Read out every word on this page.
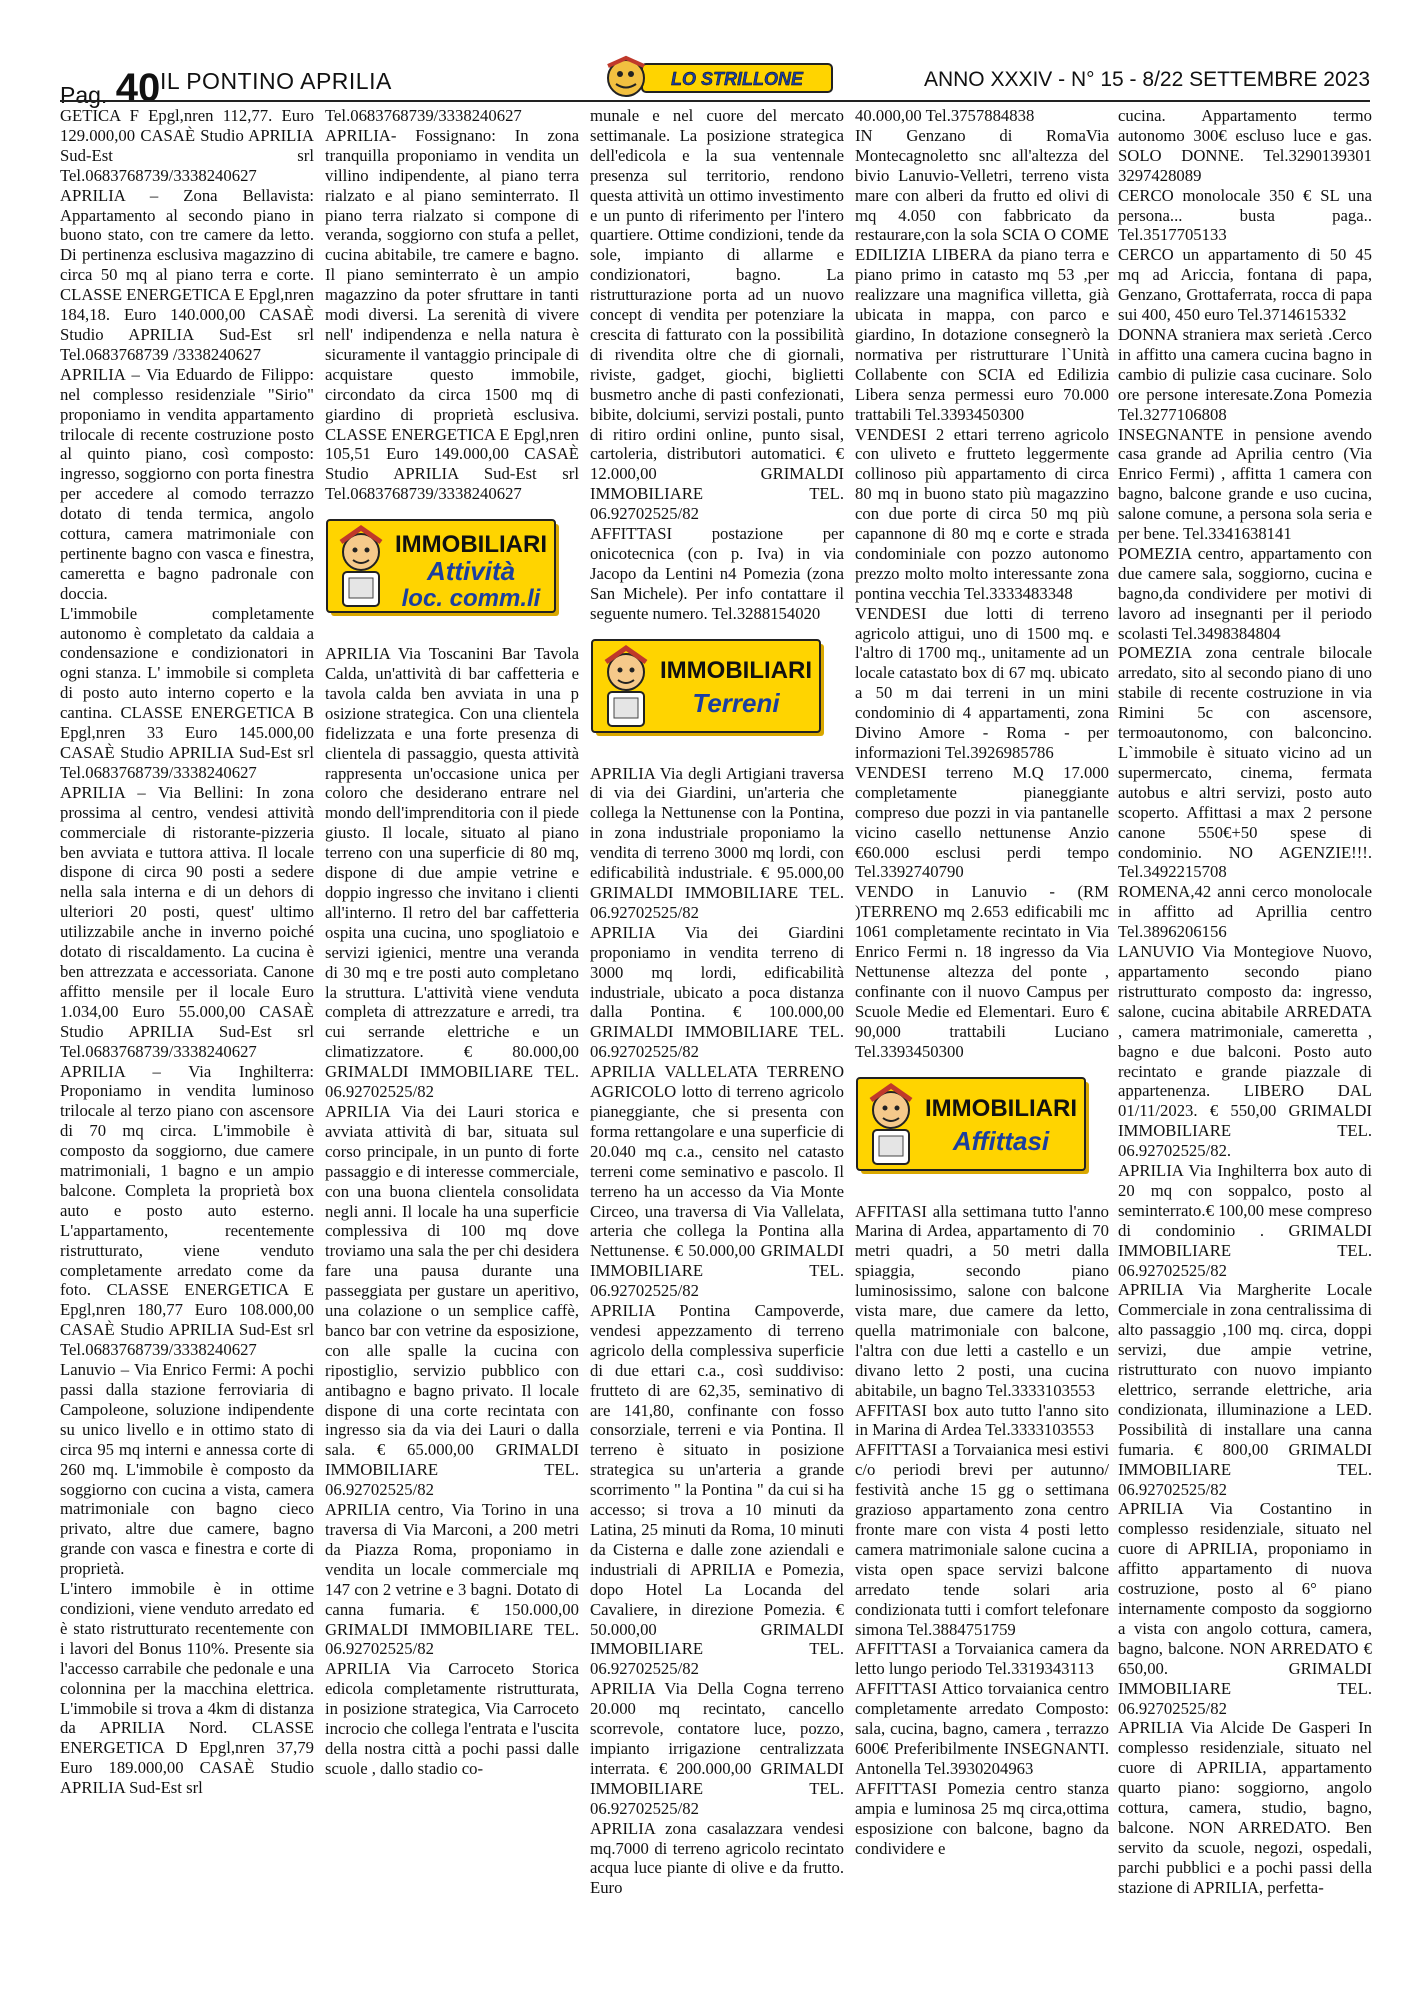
Pag. 40 IL PONTINO APRILIA	LO STRILLONE	ANNO XXXIV - N° 15 - 8/22 SETTEMBRE 2023

GETICA F Epgl,nren 112,77. Euro 129.000,00 CASAÈ Studio APRILIA Sud-Est srl Tel.0683768739/3338240627

APRILIA – Zona Bellavista: Appartamento al secondo piano in buono stato, con tre camere da letto. Di pertinenza esclusiva magazzino di circa 50 mq al piano terra e corte. CLASSE ENERGETICA E Epgl,nren 184,18. Euro 140.000,00 CASAÈ Studio APRILIA Sud-Est srl Tel.0683768739 /3338240627

APRILIA – Via Eduardo de Filippo: nel complesso residenziale "Sirio" proponiamo in vendita appartamento trilocale di recente costruzione posto al quinto piano, così composto: ingresso, soggiorno con porta finestra per accedere al comodo terrazzo dotato di tenda termica, angolo cottura, camera matrimoniale con pertinente bagno con vasca e finestra, cameretta e bagno padronale con doccia.

L'immobile completamente autonomo è completato da caldaia a condensazione e condizionatori in ogni stanza. L' immobile si completa di posto auto interno coperto e la cantina. CLASSE ENERGETICA B Epgl,nren 33 Euro 145.000,00 CASAÈ Studio APRILIA Sud-Est srl Tel.0683768739/3338240627

APRILIA – Via Bellini: In zona prossima al centro, vendesi attività commerciale di ristorante-pizzeria ben avviata e tuttora attiva. Il locale dispone di circa 90 posti a sedere nella sala interna e di un dehors di ulteriori 20 posti, quest' ultimo utilizzabile anche in inverno poiché dotato di riscaldamento. La cucina è ben attrezzata e accessoriata. Canone affitto mensile per il locale Euro 1.034,00 Euro 55.000,00 CASAÈ Studio APRILIA Sud-Est srl Tel.0683768739/3338240627

APRILIA – Via Inghilterra: Proponiamo in vendita luminoso trilocale al terzo piano con ascensore di 70 mq circa. L'immobile è composto da soggiorno, due camere matrimoniali, 1 bagno e un ampio balcone. Completa la proprietà box auto e posto auto esterno. L'appartamento, recentemente ristrutturato, viene venduto completamente arredato come da foto. CLASSE ENERGETICA E Epgl,nren 180,77 Euro 108.000,00 CASAÈ Studio APRILIA Sud-Est srl Tel.0683768739/3338240627

Lanuvio – Via Enrico Fermi: A pochi passi dalla stazione ferroviaria di Campoleone, soluzione indipendente su unico livello e in ottimo stato di circa 95 mq interni e annessa corte di 260 mq. L'immobile è composto da soggiorno con cucina a vista, camera matrimoniale con bagno cieco privato, altre due camere, bagno grande con vasca e finestra e corte di proprietà.

L'intero immobile è in ottime condizioni, viene venduto arredato ed è stato ristrutturato recentemente con i lavori del Bonus 110%. Presente sia l'accesso carrabile che pedonale e una colonnina per la macchina elettrica. L'immobile si trova a 4km di distanza da APRILIA Nord. CLASSE ENERGETICA D Epgl,nren 37,79 Euro 189.000,00 CASAÈ Studio APRILIA Sud-Est srl

Tel.0683768739/3338240627

APRILIA- Fossignano: In zona tranquilla proponiamo in vendita un villino indipendente, al piano terra rialzato e al piano seminterrato. Il piano terra rialzato si compone di veranda, soggiorno con stufa a pellet, cucina abitabile, tre camere e bagno. Il piano seminterrato è un ampio magazzino da poter sfruttare in tanti modi diversi. La serenità di vivere nell' indipendenza e nella natura è sicuramente il vantaggio principale di acquistare questo immobile, circondato da circa 1500 mq di giardino di proprietà esclusiva. CLASSE ENERGETICA E Epgl,nren 105,51 Euro 149.000,00 CASAÈ Studio APRILIA Sud-Est srl Tel.0683768739/3338240627

IMMOBILIARI
Attività
loc. comm.li

APRILIA Via Toscanini Bar Tavola Calda, un'attività di bar caffetteria e tavola calda ben avviata in una p osizione strategica. Con una clientela fidelizzata e una forte presenza di clientela di passaggio, questa attività rappresenta un'occasione unica per coloro che desiderano entrare nel mondo dell'imprenditoria con il piede giusto. Il locale, situato al piano terreno con una superficie di 80 mq, dispone di due ampie vetrine e doppio ingresso che invitano i clienti all'interno. Il retro del bar caffetteria ospita una cucina, uno spogliatoio e servizi igienici, mentre una veranda di 30 mq e tre posti auto completano la struttura. L'attività viene venduta completa di attrezzature e arredi, tra cui serrande elettriche e un climatizzatore. € 80.000,00 GRIMALDI IMMOBILIARE TEL. 06.92702525/82

APRILIA Via dei Lauri storica e avviata attività di bar, situata sul corso principale, in un punto di forte passaggio e di interesse commerciale, con una buona clientela consolidata negli anni. Il locale ha una superficie complessiva di 100 mq dove troviamo una sala the per chi desidera fare una pausa durante una passeggiata per gustare un aperitivo, una colazione o un semplice caffè, banco bar con vetrine da esposizione, con alle spalle la cucina con ripostiglio, servizio pubblico con antibagno e bagno privato. Il locale dispone di una corte recintata con ingresso sia da via dei Lauri o dalla sala. € 65.000,00 GRIMALDI IMMOBILIARE TEL. 06.92702525/82

APRILIA centro, Via Torino in una traversa di Via Marconi, a 200 metri da Piazza Roma, proponiamo in vendita un locale commerciale mq 147 con 2 vetrine e 3 bagni. Dotato di canna fumaria. € 150.000,00 GRIMALDI IMMOBILIARE TEL. 06.92702525/82

APRILIA Via Carroceto Storica edicola completamente ristrutturata, in posizione strategica, Via Carroceto incrocio che collega l'entrata e l'uscita della nostra città a pochi passi dalle scuole , dallo stadio co-

munale e nel cuore del mercato settimanale. La posizione strategica dell'edicola e la sua ventennale presenza sul territorio, rendono questa attività un ottimo investimento e un punto di riferimento per l'intero quartiere. Ottime condizioni, tende da sole, impianto di allarme e condizionatori, bagno. La ristrutturazione porta ad un nuovo concept di vendita per potenziare la crescita di fatturato con la possibilità di rivendita oltre che di giornali, riviste, gadget, giochi, biglietti busmetro anche di pasti confezionati, bibite, dolciumi, servizi postali, punto di ritiro ordini online, punto sisal, cartoleria, distributori automatici. € 12.000,00 GRIMALDI IMMOBILIARE TEL. 06.92702525/82

AFFITTASI postazione per onicotecnica (con p. Iva) in via Jacopo da Lentini n4 Pomezia (zona San Michele). Per info contattare il seguente numero. Tel.3288154020

IMMOBILIARI
Terreni

APRILIA Via degli Artigiani traversa di via dei Giardini, un'arteria che collega la Nettunense con la Pontina, in zona industriale proponiamo la vendita di terreno 3000 mq lordi, con edificabilità industriale. € 95.000,00 GRIMALDI IMMOBILIARE TEL. 06.92702525/82

APRILIA Via dei Giardini proponiamo in vendita terreno di 3000 mq lordi, edificabilità industriale, ubicato a poca distanza dalla Pontina. € 100.000,00 GRIMALDI IMMOBILIARE TEL. 06.92702525/82

APRILIA VALLELATA TERRENO AGRICOLO lotto di terreno agricolo pianeggiante, che si presenta con forma rettangolare e una superficie di 20.040 mq c.a., censito nel catasto terreni come seminativo e pascolo. Il terreno ha un accesso da Via Monte Circeo, una traversa di Via Vallelata, arteria che collega la Pontina alla Nettunense. € 50.000,00 GRIMALDI IMMOBILIARE TEL. 06.92702525/82

APRILIA Pontina Campoverde, vendesi appezzamento di terreno agricolo della complessiva superficie di due ettari c.a., così suddiviso: frutteto di are 62,35, seminativo di are 141,80, confinante con fosso consorziale, terreni e via Pontina. Il terreno è situato in posizione strategica su un'arteria a grande scorrimento " la Pontina " da cui si ha accesso; si trova a 10 minuti da Latina, 25 minuti da Roma, 10 minuti da Cisterna e dalle zone aziendali e industriali di APRILIA e Pomezia, dopo Hotel La Locanda del Cavaliere, in direzione Pomezia. € 50.000,00 GRIMALDI IMMOBILIARE TEL. 06.92702525/82

APRILIA Via Della Cogna terreno 20.000 mq recintato, cancello scorrevole, contatore luce, pozzo, impianto irrigazione centralizzata interrata. € 200.000,00 GRIMALDI IMMOBILIARE TEL. 06.92702525/82

APRILIA zona casalazzara vendesi mq.7000 di terreno agricolo recintato acqua luce piante di olive e da frutto. Euro

40.000,00 Tel.3757884838

IN Genzano di RomaVia Montecagnoletto snc all'altezza del bivio Lanuvio-Velletri, terreno vista mare con alberi da frutto ed olivi di mq 4.050 con fabbricato da restaurare,con la sola SCIA O COME EDILIZIA LIBERA da piano terra e piano primo in catasto mq 53 ,per realizzare una magnifica villetta, già ubicata in mappa, con parco e giardino, In dotazione consegnerò la normativa per ristrutturare l`Unità Collabente con SCIA ed Edilizia Libera senza permessi euro 70.000 trattabili Tel.3393450300

VENDESI 2 ettari terreno agricolo con uliveto e frutteto leggermente collinoso più appartamento di circa 80 mq in buono stato più magazzino con due porte di circa 50 mq più capannone di 80 mq e corte e strada condominiale con pozzo autonomo prezzo molto molto interessante zona pontina vecchia Tel.3333483348

VENDESI due lotti di terreno agricolo attigui, uno di 1500 mq. e l'altro di 1700 mq., unitamente ad un locale catastato box di 67 mq. ubicato a 50 m dai terreni in un mini condominio di 4 appartamenti, zona Divino Amore - Roma - per informazioni Tel.3926985786

VENDESI terreno M.Q 17.000 completamente pianeggiante compreso due pozzi in via pantanelle vicino casello nettunense Anzio €60.000 esclusi perdi tempo Tel.3392740790

VENDO in Lanuvio - (RM )TERRENO mq 2.653 edificabili mc 1061 completamente recintato in Via Enrico Fermi n. 18 ingresso da Via Nettunense altezza del ponte , confinante con il nuovo Campus per Scuole Medie ed Elementari. Euro € 90,000 trattabili Luciano Tel.3393450300

IMMOBILIARI
Affittasi

AFFITASI alla settimana tutto l'anno Marina di Ardea, appartamento di 70 metri quadri, a 50 metri dalla spiaggia, secondo piano luminosissimo, salone con balcone vista mare, due camere da letto, quella matrimoniale con balcone, l'altra con due letti a castello e un divano letto 2 posti, una cucina abitabile, un bagno Tel.3333103553

AFFITASI box auto tutto l'anno sito in Marina di Ardea Tel.3333103553

AFFITTASI a Torvaianica mesi estivi c/o periodi brevi per autunno/ festività anche 15 gg o settimana grazioso appartamento zona centro fronte mare con vista 4 posti letto camera matrimoniale salone cucina a vista open space servizi balcone arredato tende solari aria condizionata tutti i comfort telefonare simona Tel.3884751759

AFFITTASI a Torvaianica camera da letto lungo periodo Tel.3319343113

AFFITTASI Attico torvaianica centro completamente arredato Composto: sala, cucina, bagno, camera , terrazzo 600€ Preferibilmente INSEGNANTI. Antonella Tel.3930204963

AFFITTASI Pomezia centro stanza ampia e luminosa 25 mq circa,ottima esposizione con balcone, bagno da condividere e

cucina. Appartamento termo autonomo 300€ escluso luce e gas. SOLO DONNE. Tel.3290139301 3297428089

CERCO monolocale 350 € SL una persona... busta paga.. Tel.3517705133

CERCO un appartamento di 50 45 mq ad Ariccia, fontana di papa, Genzano, Grottaferrata, rocca di papa sui 400, 450 euro Tel.3714615332

DONNA straniera max serietà .Cerco in affitto una camera cucina bagno in cambio di pulizie casa cucinare. Solo ore persone interesate.Zona Pomezia Tel.3277106808

INSEGNANTE in pensione avendo casa grande ad Aprilia centro (Via Enrico Fermi) , affitta 1 camera con bagno, balcone grande e uso cucina, salone comune, a persona sola seria e per bene. Tel.3341638141

POMEZIA centro, appartamento con due camere sala, soggiorno, cucina e bagno,da condividere per motivi di lavoro ad insegnanti per il periodo scolasti Tel.3498384804

POMEZIA zona centrale bilocale arredato, sito al secondo piano di uno stabile di recente costruzione in via Rimini 5c con ascensore, termoautonomo, con balconcino. L`immobile è situato vicino ad un supermercato, cinema, fermata autobus e altri servizi, posto auto scoperto. Affittasi a max 2 persone canone 550€+50 spese di condominio. NO AGENZIE!!!. Tel.3492215708

ROMENA,42 anni cerco monolocale in affitto ad Aprillia centro Tel.3896206156

LANUVIO Via Montegiove Nuovo, appartamento secondo piano ristrutturato composto da: ingresso, salone, cucina abitabile ARREDATA , camera matrimoniale, cameretta , bagno e due balconi. Posto auto recintato e grande piazzale di appartenenza. LIBERO DAL 01/11/2023. € 550,00 GRIMALDI IMMOBILIARE TEL. 06.92702525/82.

APRILIA Via Inghilterra box auto di 20 mq con soppalco, posto al seminterrato.€ 100,00 mese compreso di condominio . GRIMALDI IMMOBILIARE TEL. 06.92702525/82

APRILIA Via Margherite Locale Commerciale in zona centralissima di alto passaggio ,100 mq. circa, doppi servizi, due ampie vetrine, ristrutturato con nuovo impianto elettrico, serrande elettriche, aria condizionata, illuminazione a LED. Possibilità di installare una canna fumaria. € 800,00 GRIMALDI IMMOBILIARE TEL. 06.92702525/82

APRILIA Via Costantino in complesso residenziale, situato nel cuore di APRILIA, proponiamo in affitto appartamento di nuova costruzione, posto al 6° piano internamente composto da soggiorno a vista con angolo cottura, camera, bagno, balcone. NON ARREDATO € 650,00. GRIMALDI IMMOBILIARE TEL. 06.92702525/82

APRILIA Via Alcide De Gasperi In complesso residenziale, situato nel cuore di APRILIA, appartamento quarto piano: soggiorno, angolo cottura, camera, studio, bagno, balcone. NON ARREDATO. Ben servito da scuole, negozi, ospedali, parchi pubblici e a pochi passi della stazione di APRILIA, perfetta-
